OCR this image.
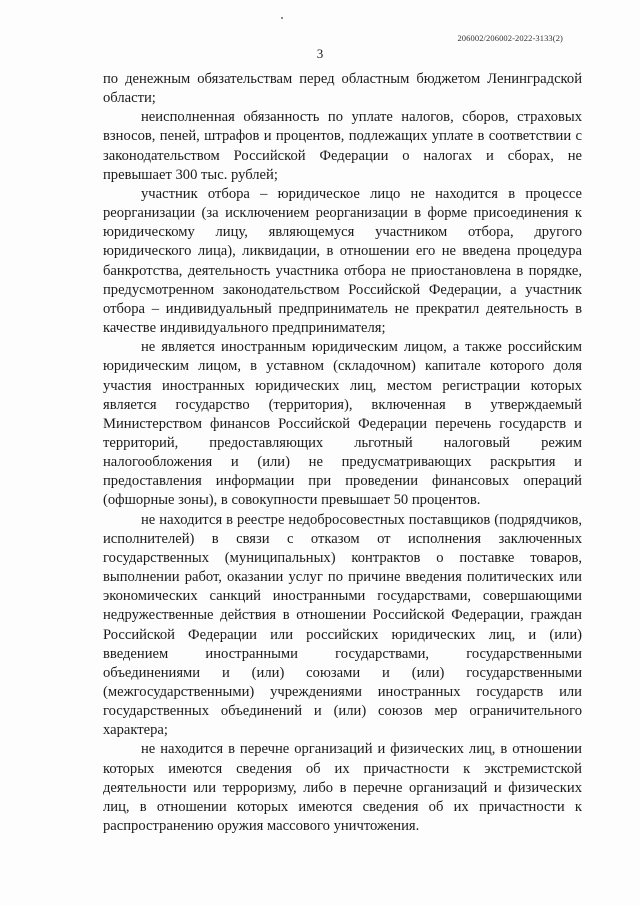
206002/206002-2022-3133(2)
3

по денежным обязательствам перед областным бюджетом Ленинградской области;

неисполненная обязанность по уплате налогов, сборов, страховых взносов, пеней, штрафов и процентов, подлежащих уплате в соответствии с законодательством Российской Федерации о налогах и сборах, не превышает 300 тыс. рублей;

участник отбора – юридическое лицо не находится в процессе реорганизации (за исключением реорганизации в форме присоединения к юридическому лицу, являющемуся участником отбора, другого юридического лица), ликвидации, в отношении его не введена процедура банкротства, деятельность участника отбора не приостановлена в порядке, предусмотренном законодательством Российской Федерации, а участник отбора – индивидуальный предприниматель не прекратил деятельность в качестве индивидуального предпринимателя;

не является иностранным юридическим лицом, а также российским юридическим лицом, в уставном (складочном) капитале которого доля участия иностранных юридических лиц, местом регистрации которых является государство (территория), включенная в утверждаемый Министерством финансов Российской Федерации перечень государств и территорий, предоставляющих льготный налоговый режим налогообложения и (или) не предусматривающих раскрытия и предоставления информации при проведении финансовых операций (офшорные зоны), в совокупности превышает 50 процентов.

не находится в реестре недобросовестных поставщиков (подрядчиков, исполнителей) в связи с отказом от исполнения заключенных государственных (муниципальных) контрактов о поставке товаров, выполнении работ, оказании услуг по причине введения политических или экономических санкций иностранными государствами, совершающими недружественные действия в отношении Российской Федерации, граждан Российской Федерации или российских юридических лиц, и (или) введением иностранными государствами, государственными объединениями и (или) союзами и (или) государственными (межгосударственными) учреждениями иностранных государств или государственных объединений и (или) союзов мер ограничительного характера;

не находится в перечне организаций и физических лиц, в отношении которых имеются сведения об их причастности к экстремистской деятельности или терроризму, либо в перечне организаций и физических лиц, в отношении которых имеются сведения об их причастности к распространению оружия массового уничтожения.
